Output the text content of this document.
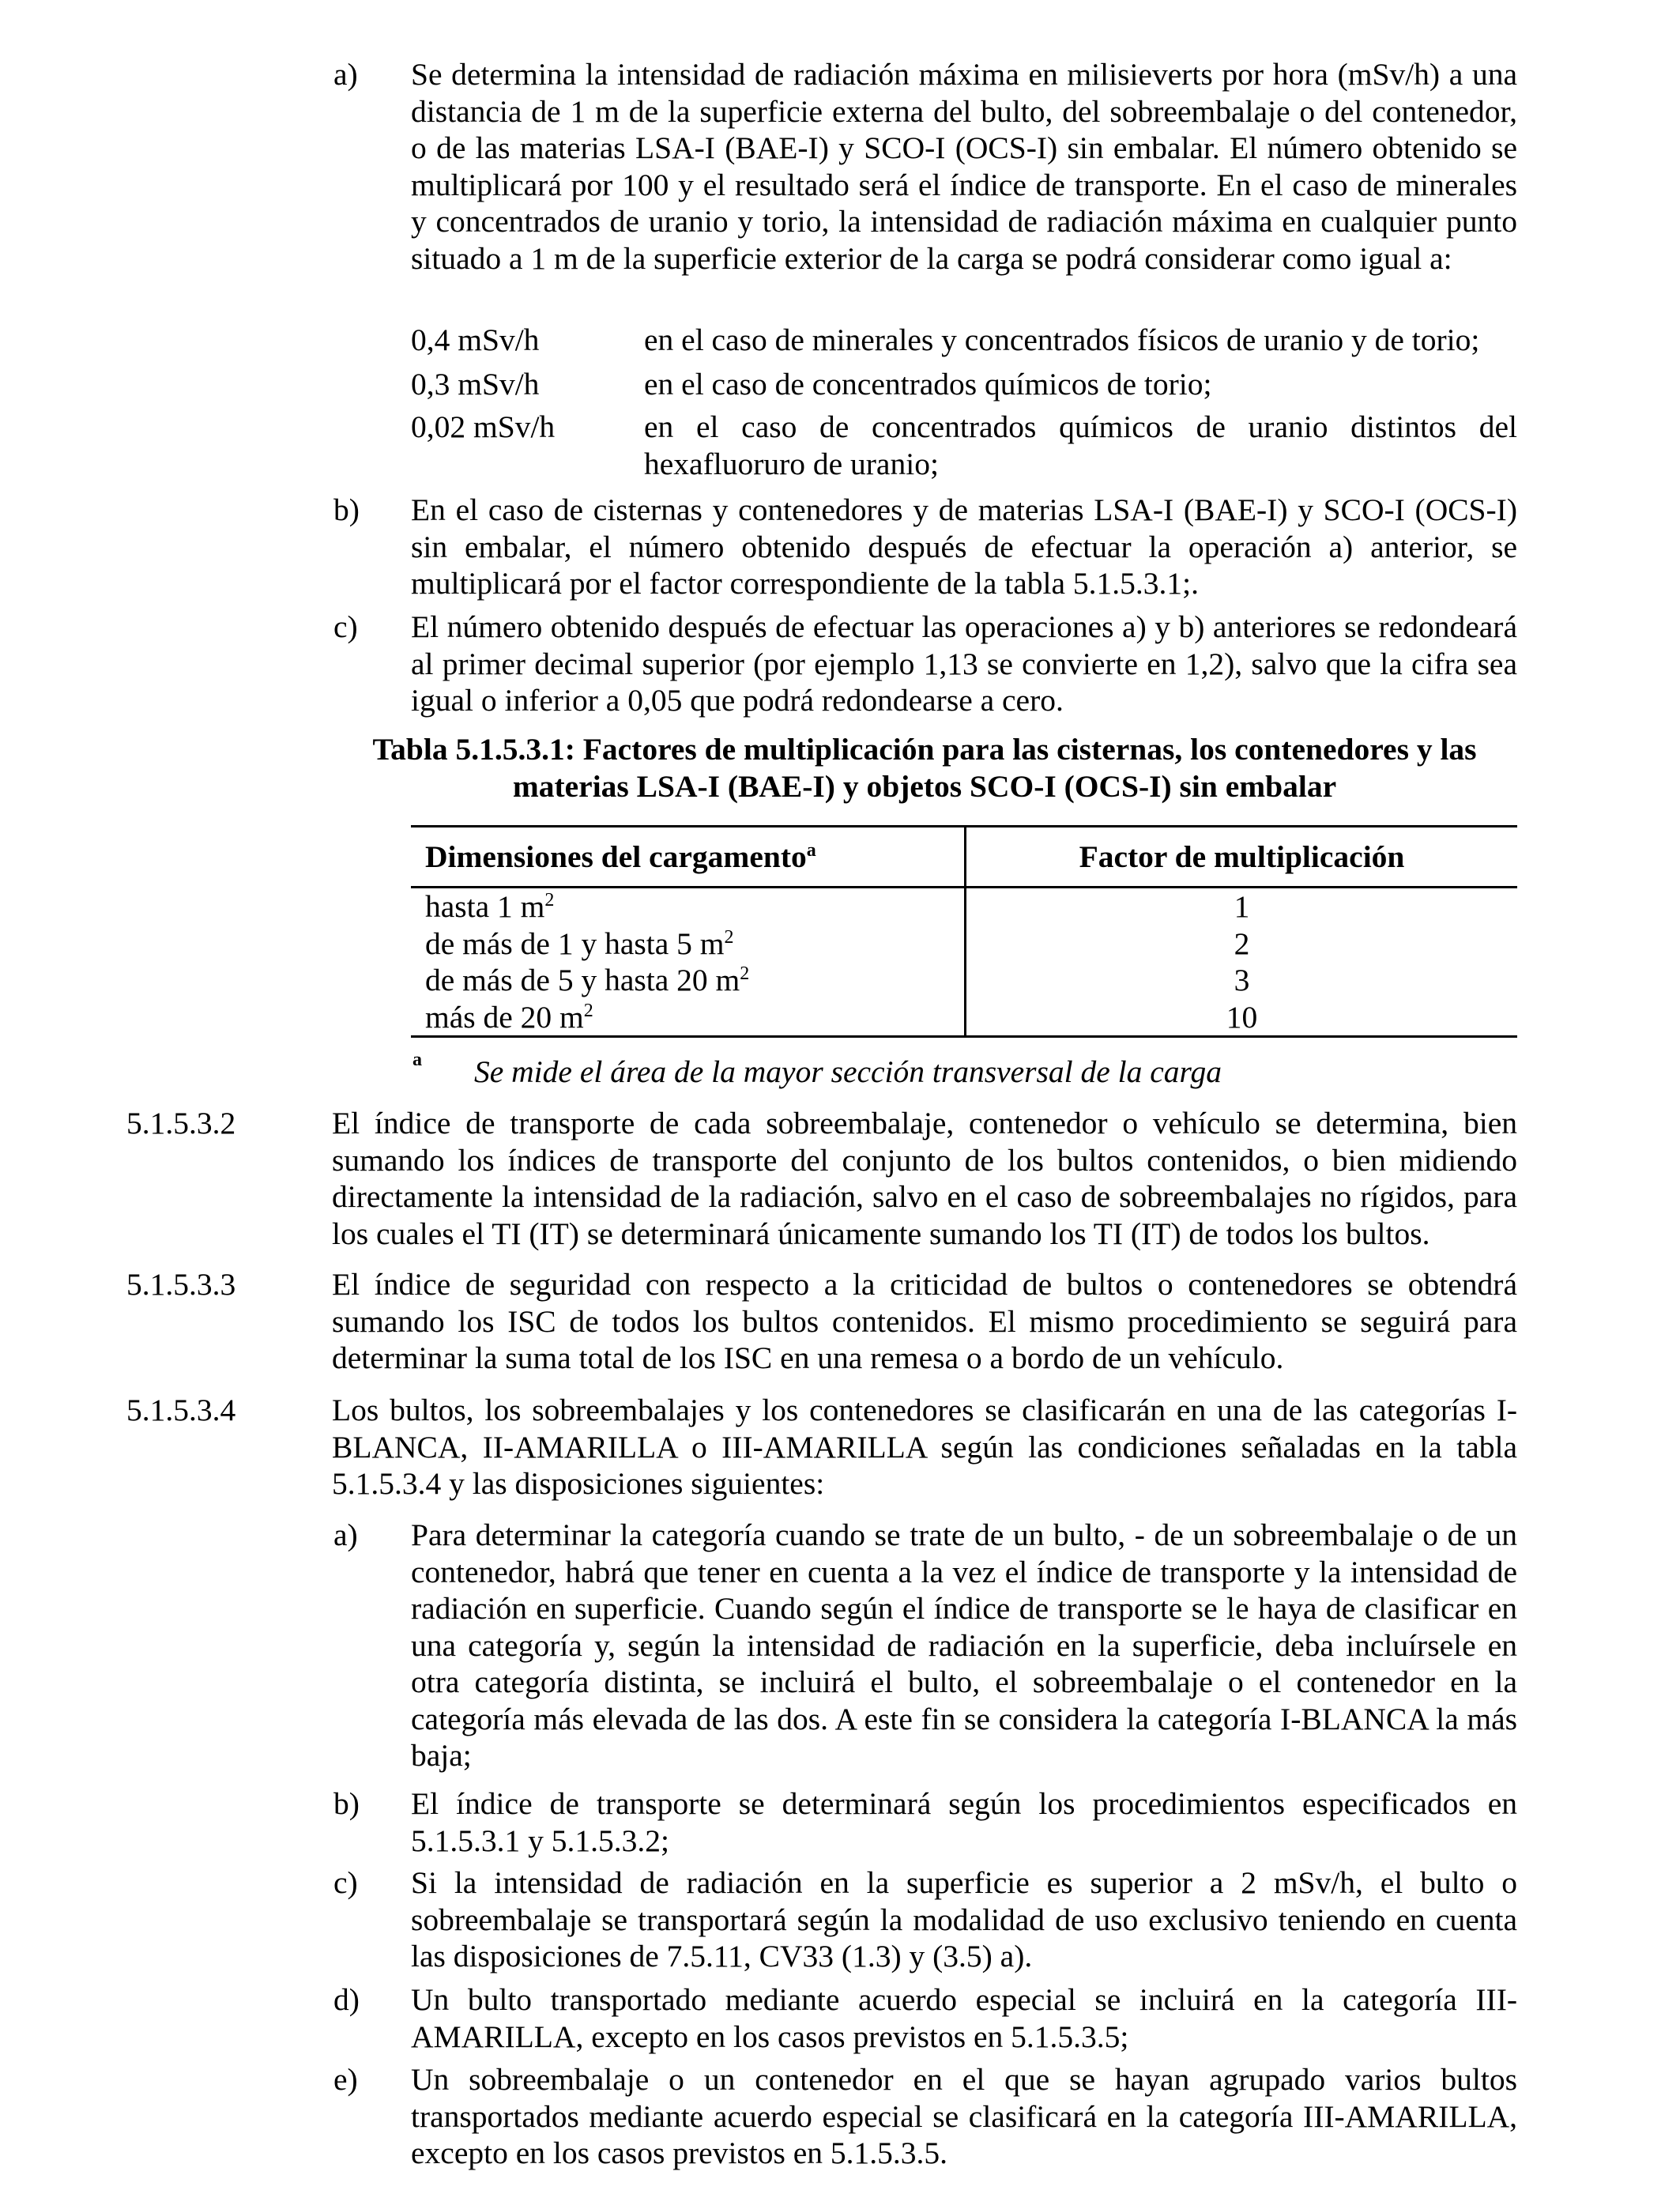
a) Se determina la intensidad de radiación máxima en milisieverts por hora (mSv/h) a una distancia de 1 m de la superficie externa del bulto, del sobreembalaje o del contenedor, o de las materias LSA-I (BAE-I) y SCO-I (OCS-I) sin embalar. El número obtenido se multiplicará por 100 y el resultado será el índice de transporte. En el caso de minerales y concentrados de uranio y torio, la intensidad de radiación máxima en cualquier punto situado a 1 m de la superficie exterior de la carga se podrá considerar como igual a:
0,4 mSv/h	en el caso de minerales y concentrados físicos de uranio y de torio;
0,3 mSv/h	en el caso de concentrados químicos de torio;
0,02 mSv/h	en el caso de concentrados químicos de uranio distintos del hexafluoruro de uranio;
b) En el caso de cisternas y contenedores y de materias LSA-I (BAE-I) y SCO-I (OCS-I) sin embalar, el número obtenido después de efectuar la operación a) anterior, se multiplicará por el factor correspondiente de la tabla 5.1.5.3.1;.
c) El número obtenido después de efectuar las operaciones a) y b) anteriores se redondeará al primer decimal superior (por ejemplo 1,13 se convierte en 1,2), salvo que la cifra sea igual o inferior a 0,05 que podrá redondearse a cero.
Tabla 5.1.5.3.1: Factores de multiplicación para las cisternas, los contenedores y las
materias LSA-I (BAE-I) y objetos SCO-I (OCS-I) sin embalar
Dimensiones del cargamento$^a$	Factor de multiplicación
hasta 1 $m^2$	1
de más de 1 y hasta 5 $m^2$	2
de más de 5 y hasta 20 $m^2$	3
más de 20 $m^2$	10
a Se mide el área de la mayor sección transversal de la carga
5.1.5.3.2	El índice de transporte de cada sobreembalaje, contenedor o vehículo se determina, bien sumando los índices de transporte del conjunto de los bultos contenidos, o bien midiendo directamente la intensidad de la radiación, salvo en el caso de sobreembalajes no rígidos, para los cuales el TI (IT) se determinará únicamente sumando los TI (IT) de todos los bultos.
5.1.5.3.3	El índice de seguridad con respecto a la criticidad de bultos o contenedores se obtendrá sumando los ISC de todos los bultos contenidos. El mismo procedimiento se seguirá para determinar la suma total de los ISC en una remesa o a bordo de un vehículo.
5.1.5.3.4	Los bultos, los sobreembalajes y los contenedores se clasificarán en una de las categorías I-BLANCA, II-AMARILLA o III-AMARILLA según las condiciones señaladas en la tabla 5.1.5.3.4 y las disposiciones siguientes:
a) Para determinar la categoría cuando se trate de un bulto, - de un sobreembalaje o de un contenedor, habrá que tener en cuenta a la vez el índice de transporte y la intensidad de radiación en superficie. Cuando según el índice de transporte se le haya de clasificar en una categoría y, según la intensidad de radiación en la superficie, deba incluírsele en otra categoría distinta, se incluirá el bulto, el sobreembalaje o el contenedor en la categoría más elevada de las dos. A este fin se considera la categoría I-BLANCA la más baja;
b) El índice de transporte se determinará según los procedimientos especificados en 5.1.5.3.1 y 5.1.5.3.2;
c) Si la intensidad de radiación en la superficie es superior a 2 mSv/h, el bulto o sobreembalaje se transportará según la modalidad de uso exclusivo teniendo en cuenta las disposiciones de 7.5.11, CV33 (1.3) y (3.5) a).
d) Un bulto transportado mediante acuerdo especial se incluirá en la categoría III-AMARILLA, excepto en los casos previstos en 5.1.5.3.5;
e) Un sobreembalaje o un contenedor en el que se hayan agrupado varios bultos transportados mediante acuerdo especial se clasificará en la categoría III-AMARILLA, excepto en los casos previstos en 5.1.5.3.5.
